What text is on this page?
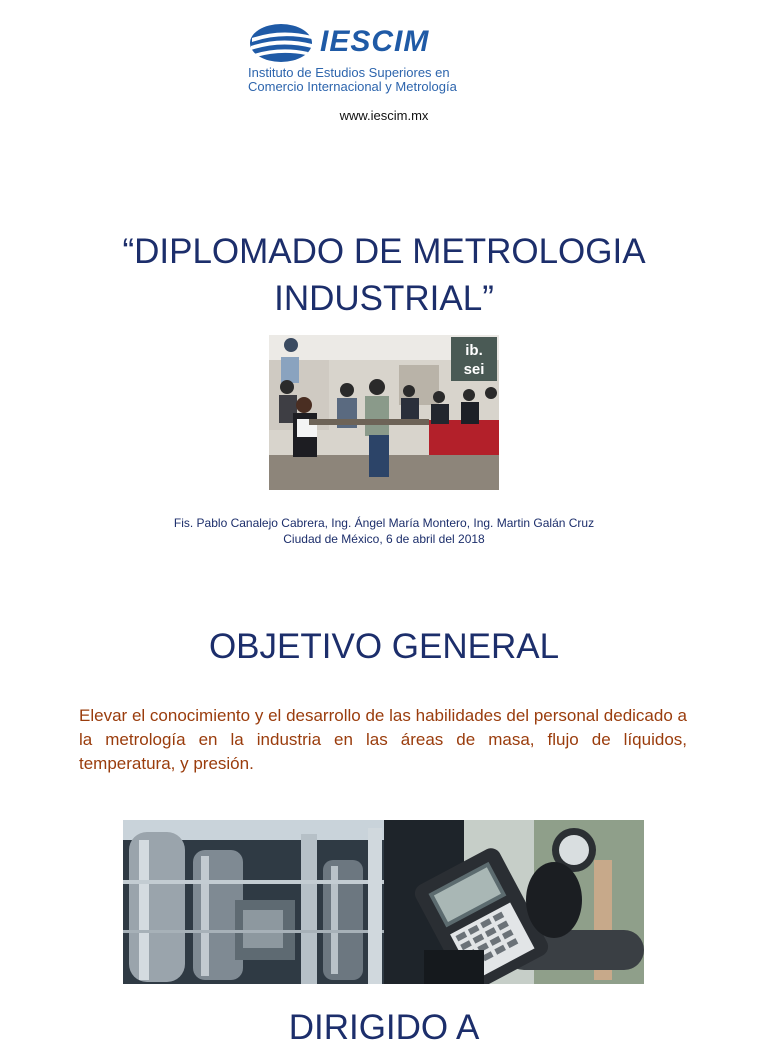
IESCIM
Instituto de Estudios Superiores en
Comercio Internacional y Metrología
www.iescim.mx
“DIPLOMADO DE METROLOGIA
INDUSTRIAL”
ib.
sei
Fis. Pablo Canalejo Cabrera, Ing. Ángel María Montero, Ing. Martin Galán Cruz
Ciudad de México, 6 de abril del 2018
OBJETIVO GENERAL
Elevar el conocimiento y el desarrollo de las habilidades del personal dedicado a la metrología en la industria en las áreas de masa, flujo de líquidos, temperatura, y presión.
DIRIGIDO A
